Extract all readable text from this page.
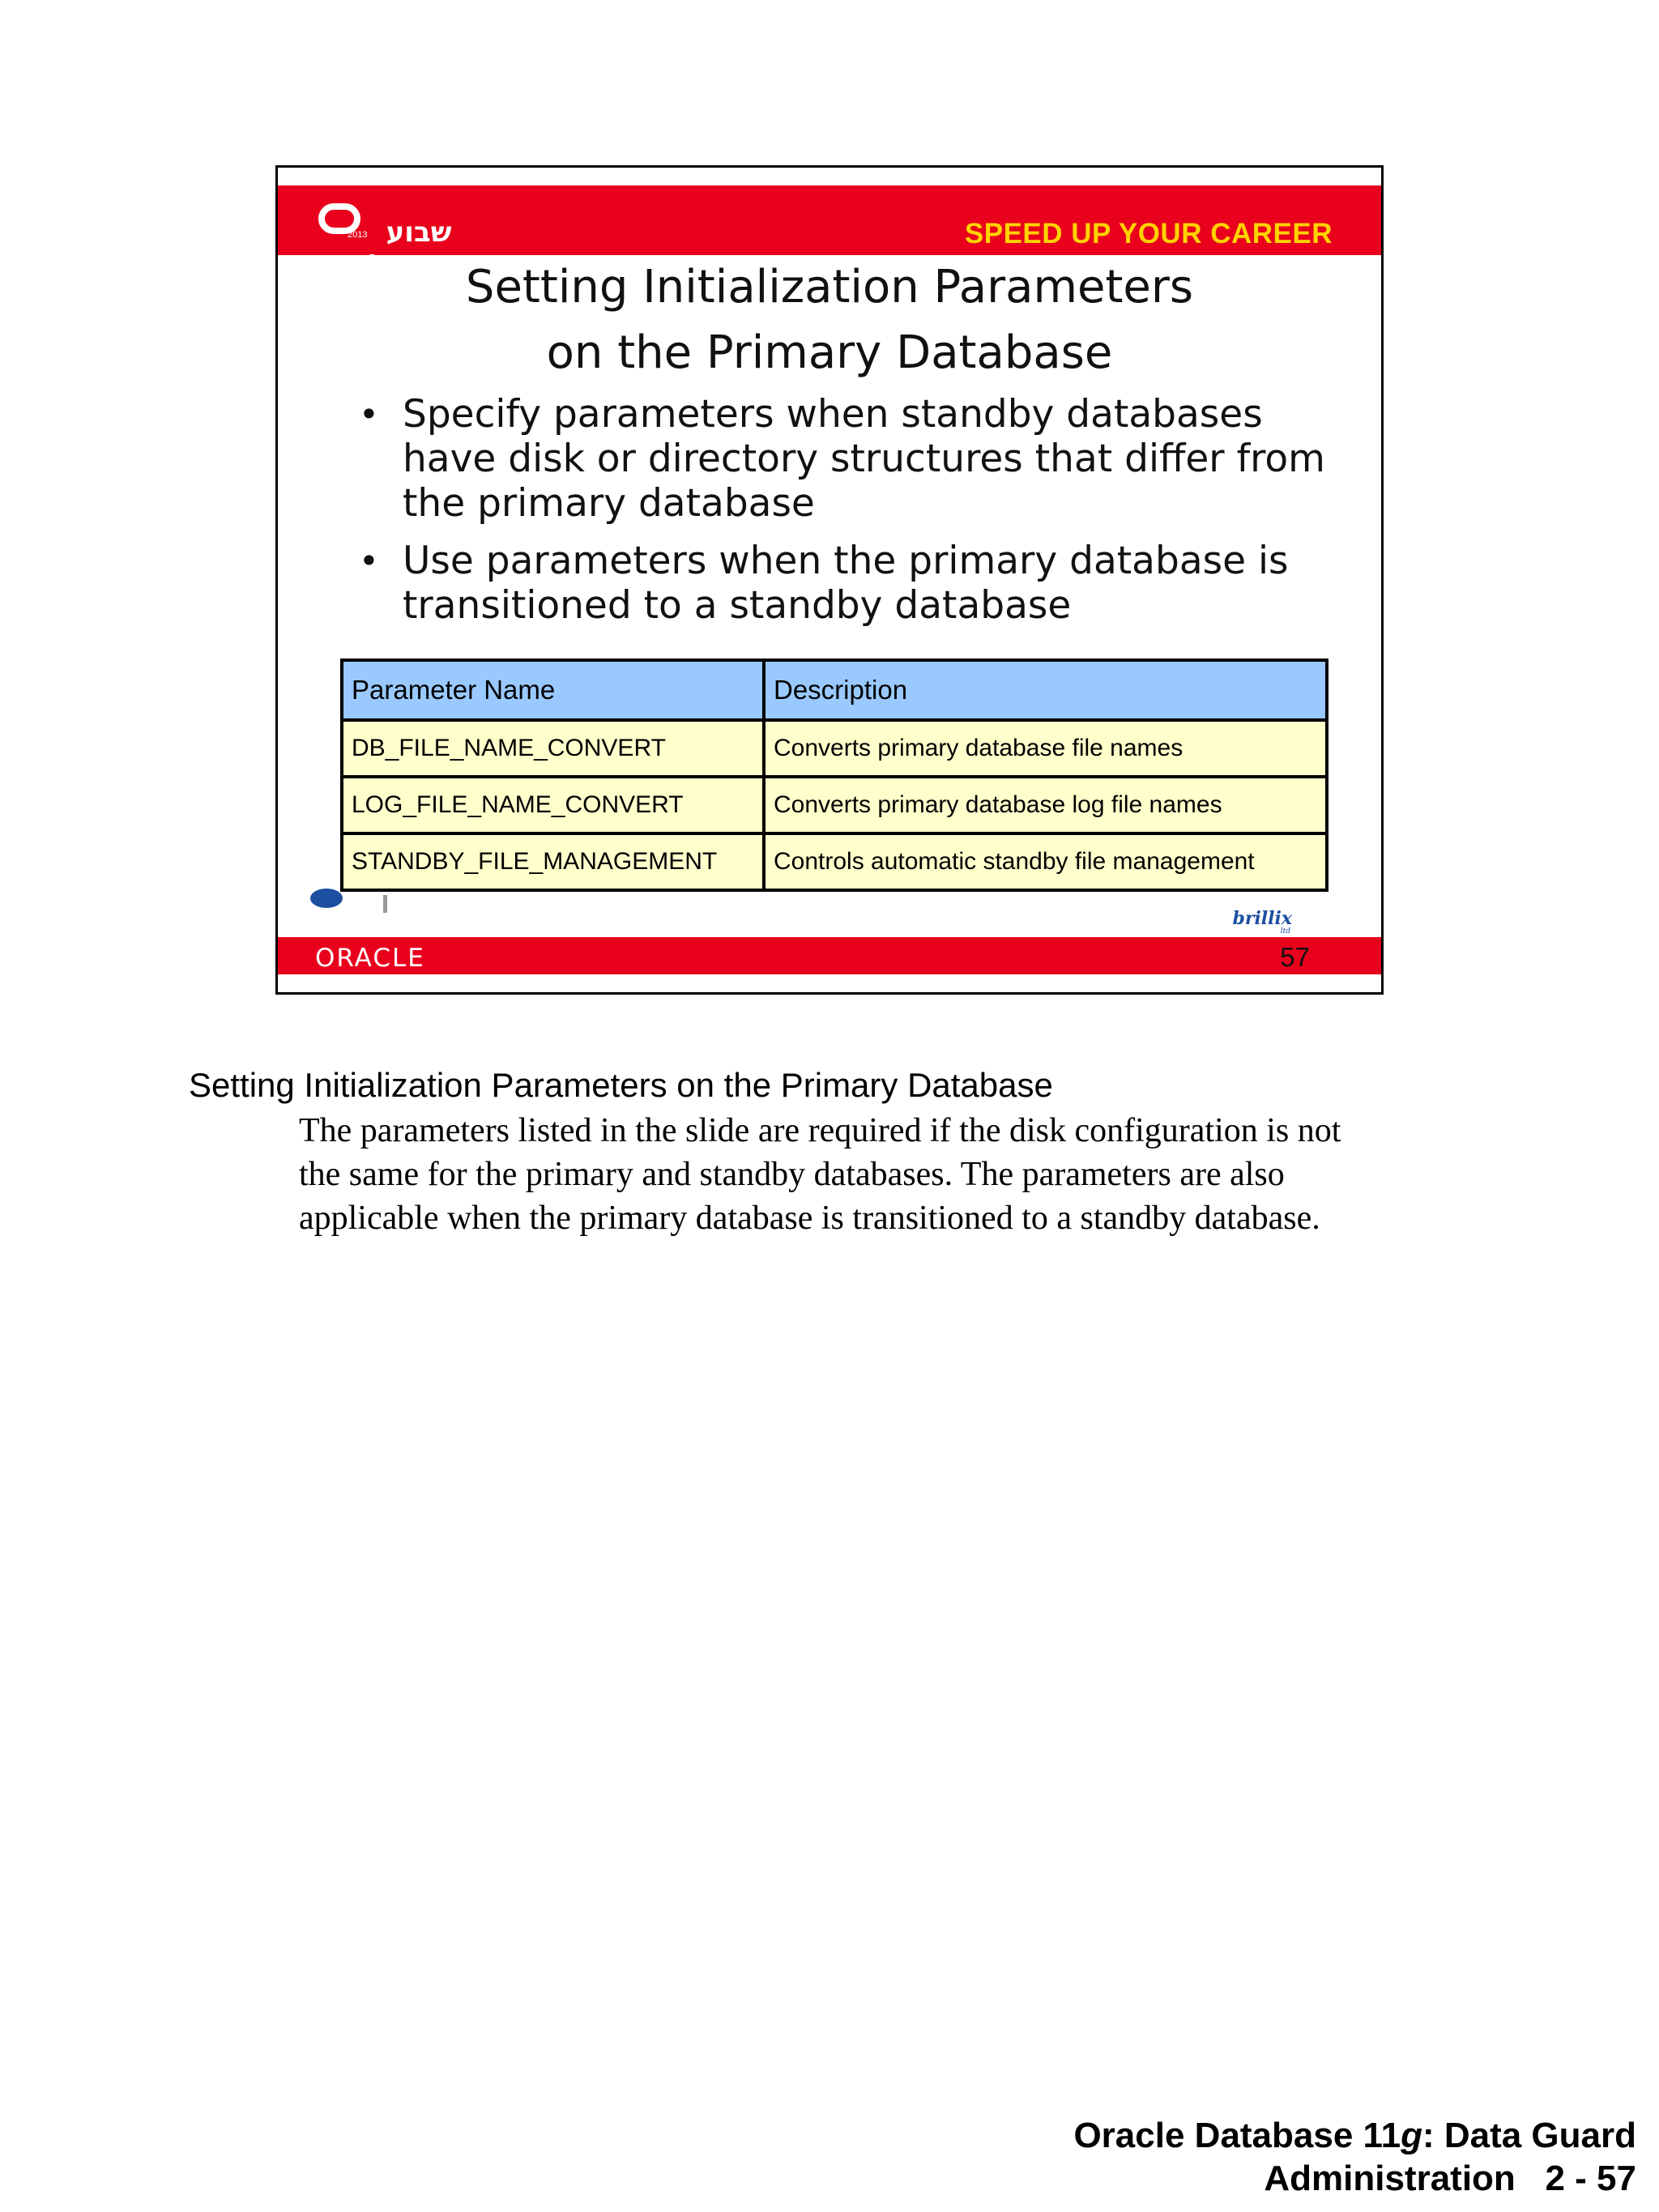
2013 שבוע אורקל
SPEED UP YOUR CAREER
Setting Initialization Parameters
on the Primary Database
• Specify parameters when standby databases
have disk or directory structures that differ from
the primary database
• Use parameters when the primary database is
transitioned to a standby database
Parameter Name	Description
DB_FILE_NAME_CONVERT	Converts primary database file names
LOG_FILE_NAME_CONVERT	Converts primary database log file names
STANDBY_FILE_MANAGEMENT	Controls automatic standby file management
brillix
ltd
ORACLE	57
Setting Initialization Parameters on the Primary Database
The parameters listed in the slide are required if the disk configuration is not
the same for the primary and standby databases. The parameters are also
applicable when the primary database is transitioned to a standby database.
Oracle Database 11g: Data Guard
Administration   2 - 57
